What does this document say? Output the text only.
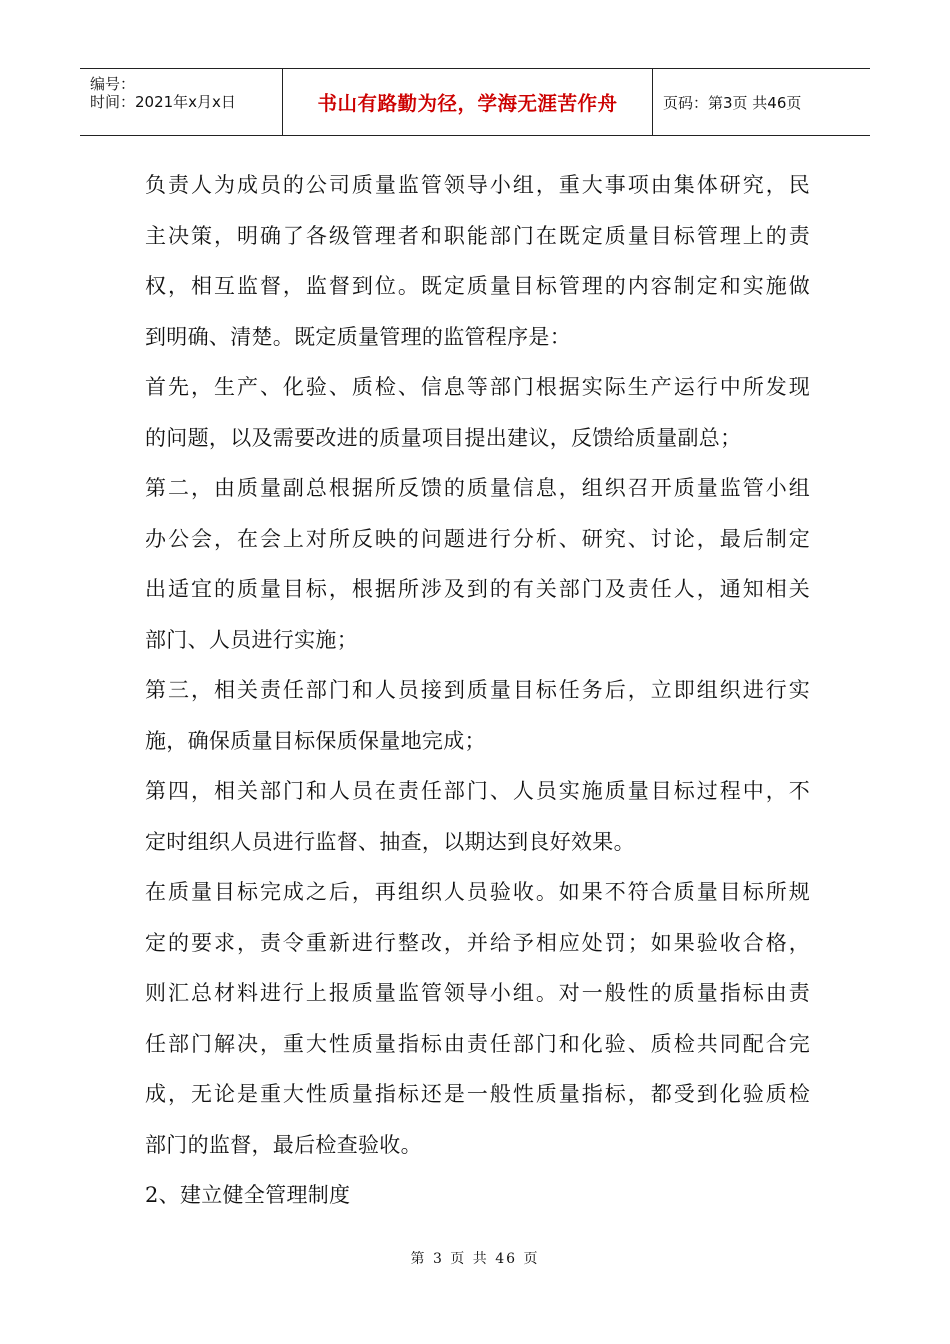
编号：
时间：2021年x月x日	书山有路勤为径，学海无涯苦作舟	页码：第3页 共46页
负责人为成员的公司质量监管领导小组，重大事项由集体研究，民
主决策，明确了各级管理者和职能部门在既定质量目标管理上的责
权，相互监督，监督到位。既定质量目标管理的内容制定和实施做
到明确、清楚。既定质量管理的监管程序是：
首先，生产、化验、质检、信息等部门根据实际生产运行中所发现
的问题，以及需要改进的质量项目提出建议，反馈给质量副总；
第二，由质量副总根据所反馈的质量信息，组织召开质量监管小组
办公会，在会上对所反映的问题进行分析、研究、讨论，最后制定
出适宜的质量目标，根据所涉及到的有关部门及责任人，通知相关
部门、人员进行实施；
第三，相关责任部门和人员接到质量目标任务后，立即组织进行实
施，确保质量目标保质保量地完成；
第四，相关部门和人员在责任部门、人员实施质量目标过程中，不
定时组织人员进行监督、抽查，以期达到良好效果。
在质量目标完成之后，再组织人员验收。如果不符合质量目标所规
定的要求，责令重新进行整改，并给予相应处罚；如果验收合格，
则汇总材料进行上报质量监管领导小组。对一般性的质量指标由责
任部门解决，重大性质量指标由责任部门和化验、质检共同配合完
成，无论是重大性质量指标还是一般性质量指标，都受到化验质检
部门的监督，最后检查验收。
2、建立健全管理制度
第 3 页 共 46 页
